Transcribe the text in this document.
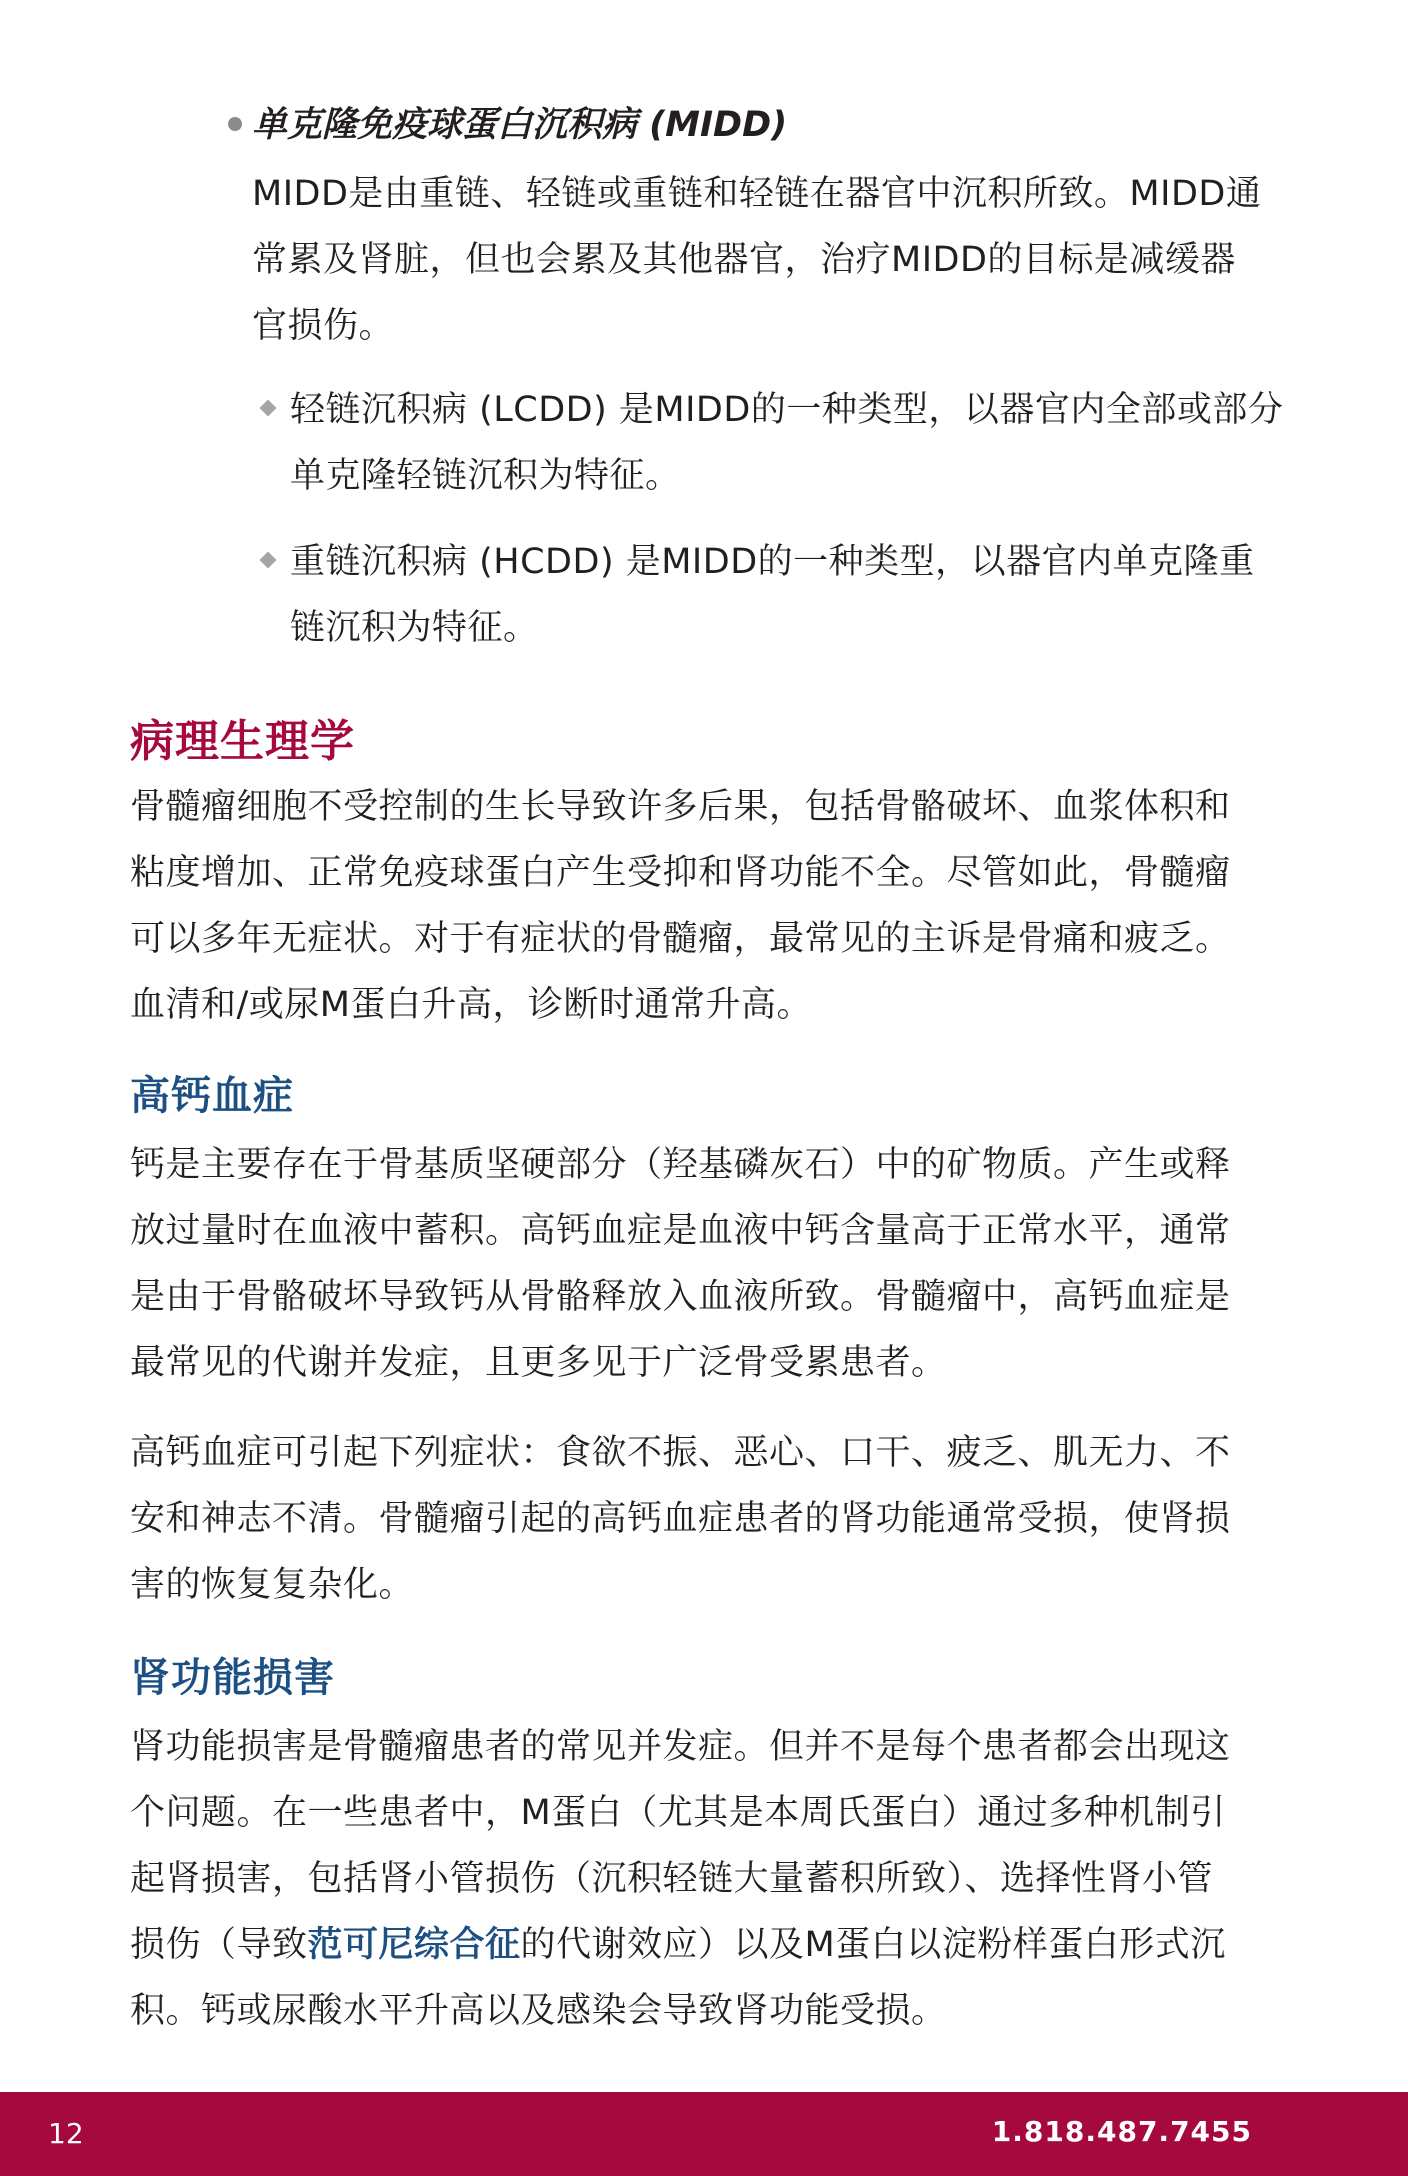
单克隆免疫球蛋白沉积病 (MIDD)

MIDD是由重链、轻链或重链和轻链在器官中沉积所致。MIDD通

常累及肾脏，但也会累及其他器官，治疗MIDD的目标是减缓器

官损伤。

轻链沉积病 (LCDD) 是MIDD的一种类型，以器官内全部或部分

单克隆轻链沉积为特征。

重链沉积病 (HCDD) 是MIDD的一种类型，以器官内单克隆重

链沉积为特征。

病理生理学

骨髓瘤细胞不受控制的生长导致许多后果，包括骨骼破坏、血浆体积和

粘度增加、正常免疫球蛋白产生受抑和肾功能不全。尽管如此，骨髓瘤

可以多年无症状。对于有症状的骨髓瘤，最常见的主诉是骨痛和疲乏。

血清和/或尿M蛋白升高，诊断时通常升高。

高钙血症

钙是主要存在于骨基质坚硬部分（羟基磷灰石）中的矿物质。产生或释

放过量时在血液中蓄积。高钙血症是血液中钙含量高于正常水平，通常

是由于骨骼破坏导致钙从骨骼释放入血液所致。骨髓瘤中，高钙血症是

最常见的代谢并发症，且更多见于广泛骨受累患者。

高钙血症可引起下列症状：食欲不振、恶心、口干、疲乏、肌无力、不

安和神志不清。骨髓瘤引起的高钙血症患者的肾功能通常受损，使肾损

害的恢复复杂化。

肾功能损害

肾功能损害是骨髓瘤患者的常见并发症。但并不是每个患者都会出现这

个问题。在一些患者中，M蛋白（尤其是本周氏蛋白）通过多种机制引

起肾损害，包括肾小管损伤（沉积轻链大量蓄积所致）、选择性肾小管

损伤（导致范可尼综合征的代谢效应）以及M蛋白以淀粉样蛋白形式沉

积。钙或尿酸水平升高以及感染会导致肾功能受损。

12	1.818.487.7455
